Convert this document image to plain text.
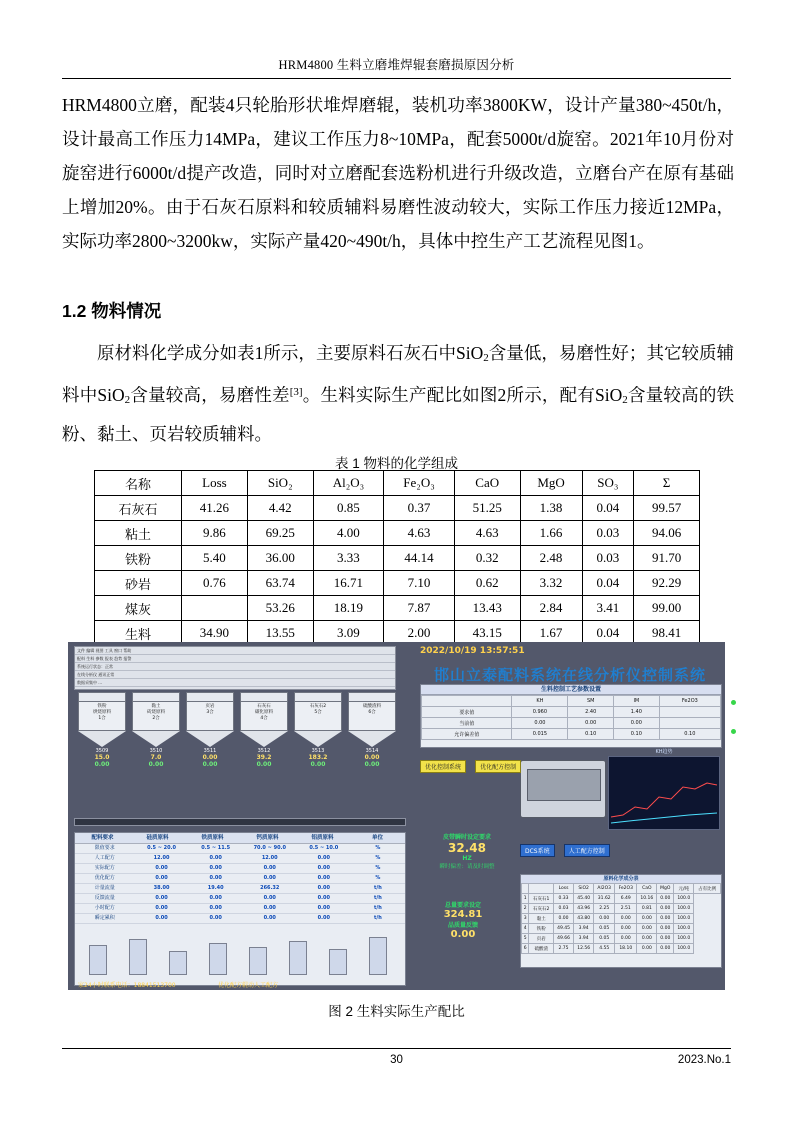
HRM4800 生料立磨堆焊辊套磨损原因分析
HRM4800立磨，配装4只轮胎形状堆焊磨辊，装机功率3800KW，设计产量380~450t/h，设计最高工作压力14MPa，建议工作压力8~10MPa，配套5000t/d旋窑。2021年10月份对旋窑进行6000t/d提产改造，同时对立磨配套选粉机进行升级改造，立磨台产在原有基础上增加20%。由于石灰石原料和较质辅料易磨性波动较大，实际工作压力接近12MPa，实际功率2800~3200kw，实际产量420~490t/h，具体中控生产工艺流程见图1。
1.2 物料情况
原材料化学成分如表1所示，主要原料石灰石中SiO$_2$含量低，易磨性好；其它较质辅料中SiO$_2$含量较高，易磨性差[3]。生料实际生产配比如图2所示，配有SiO$_2$含量较高的铁粉、黏土、页岩较质辅料。
表 1 物料的化学组成
名称	Loss	SiO₂	Al₂O₃	Fe₂O₃	CaO	MgO	SO₃	Σ
石灰石	41.26	4.42	0.85	0.37	51.25	1.38	0.04	99.57
粘土	9.86	69.25	4.00	4.63	4.63	1.66	0.03	94.06
铁粉	5.40	36.00	3.33	44.14	0.32	2.48	0.03	91.70
砂岩	0.76	63.74	16.71	7.10	0.62	3.32	0.04	92.29
煤灰		53.26	18.19	7.87	13.43	2.84	3.41	99.00
生料	34.90	13.55	3.09	2.00	43.15	1.67	0.04	98.41
2022/10/19 13:57:51
邯山立泰配料系统在线分析仪控制系统
文件 编辑 视图 工具 窗口 帮助
配料 生料 参数 报表 趋势 报警
系统运行状态：正常
在线分析仪 通讯正常
数据采集中 ...
铁粉
烘烧原料
1合
3509
15.0
0.00
黏土
砖烧原料
2合
3510
7.0
0.00
页岩
3合
3511
0.00
0.00
石灰石
碳化原料
4合
3512
39.2
0.00
石灰石2
5合
3513
183.2
0.00
硫酸渣料
6合
3514
0.00
0.00
生料控制工艺参数设置
	KH	SM	IM	Fe2O3
要求值	0.960	2.40	1.40	
当前值	0.00	0.00	0.00	
允许偏差值	0.015	0.10	0.10	0.10
DCS系统
人工配方
优化控制
优化配方
KH趋势
优化控制系统	优化配方控制
DCS系统	人工配方控制
配料要求	硅质原料	铁质原料	钙质原料	铝质原料	单位
限值要求	0.5 ~ 20.0	0.5 ~ 11.5	70.0 ~ 90.0	0.5 ~ 10.0	%
人工配方	12.00	0.00	12.00	0.00	%
实际配方	0.00	0.00	0.00	0.00	%
优化配方	0.00	0.00	0.00	0.00	%
计量流量	38.00	19.40	266.32	0.00	t/h
反馈流量	0.00	0.00	0.00	0.00	t/h
小时配方	0.00	0.00	0.00	0.00	t/h
瞬定累积	0.00	0.00	0.00	0.00	t/h
皮带瞬时设定要求
32.48
HZ
瞬时偏差：请及时调整
总量要求设定
324.81
品质量反馈
0.00
原料化学成分表
		Loss	SiO2	Al2O3	Fe2O3	CaO	MgO	元/吨	占有比例
1	石灰石1	0.33	45.40	31.62	6.49	10.16	0.00	100.0	
2	石灰石2	0.03	43.96	2.25	2.51	0.81	0.00	100.0	
3	黏土	0.00	43.80	0.00	0.00	0.00	0.00	100.0	
4	铁粉	49.45	3.94	0.05	0.00	0.00	0.00	100.0	
5	页岩	49.66	3.94	0.05	0.00	0.00	0.00	100.0	
6	硫酸渣	2.75	12.56	4.55	18.10	0.00	0.00	100.0	
家24小时联系电话：18841513700	优化配方辊动人工配方
图 2 生料实际生产配比
30	2023.No.1
